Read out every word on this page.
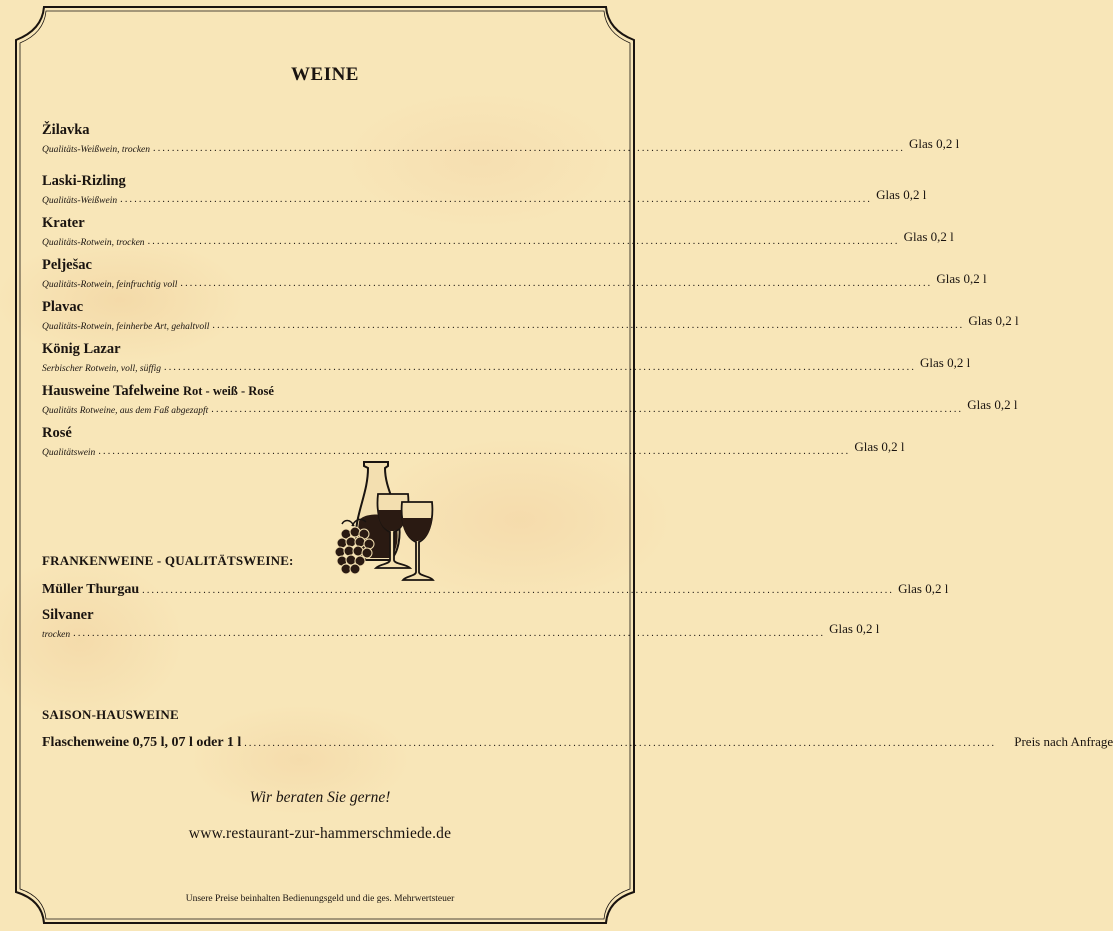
WEINE
Žilavka
Qualitäts-Weißwein, trocken ................................................................................................................................................................ Glas 0,2 l
Laski-Rizling
Qualitäts-Weißwein ................................................................................................................................................................ Glas 0,2 l
Krater
Qualitäts-Rotwein, trocken ................................................................................................................................................................ Glas 0,2 l
Pelješac
Qualitäts-Rotwein, feinfruchtig voll ................................................................................................................................................................ Glas 0,2 l
Plavac
Qualitäts-Rotwein, feinherbe Art, gehaltvoll ................................................................................................................................................................ Glas 0,2 l
König Lazar
Serbischer Rotwein, voll, süffig ................................................................................................................................................................ Glas 0,2 l
Hausweine Tafelweine Rot - weiß - Rosé
Qualitäts Rotweine, aus dem Faß abgezapft ................................................................................................................................................................ Glas 0,2 l
Rosé
Qualitätswein ................................................................................................................................................................ Glas 0,2 l
FRANKENWEINE - QUALITÄTSWEINE:
Müller Thurgau ................................................................................................................................................................ Glas 0,2 l
Silvaner
trocken ................................................................................................................................................................ Glas 0,2 l
SAISON-HAUSWEINE
Flaschenweine 0,75 l, 07 l oder 1 l ................................................................................................................................................................	Preis nach Anfrage
Wir beraten Sie gerne!
www.restaurant-zur-hammerschmiede.de
Unsere Preise beinhalten Bedienungsgeld und die ges. Mehrwertsteuer
